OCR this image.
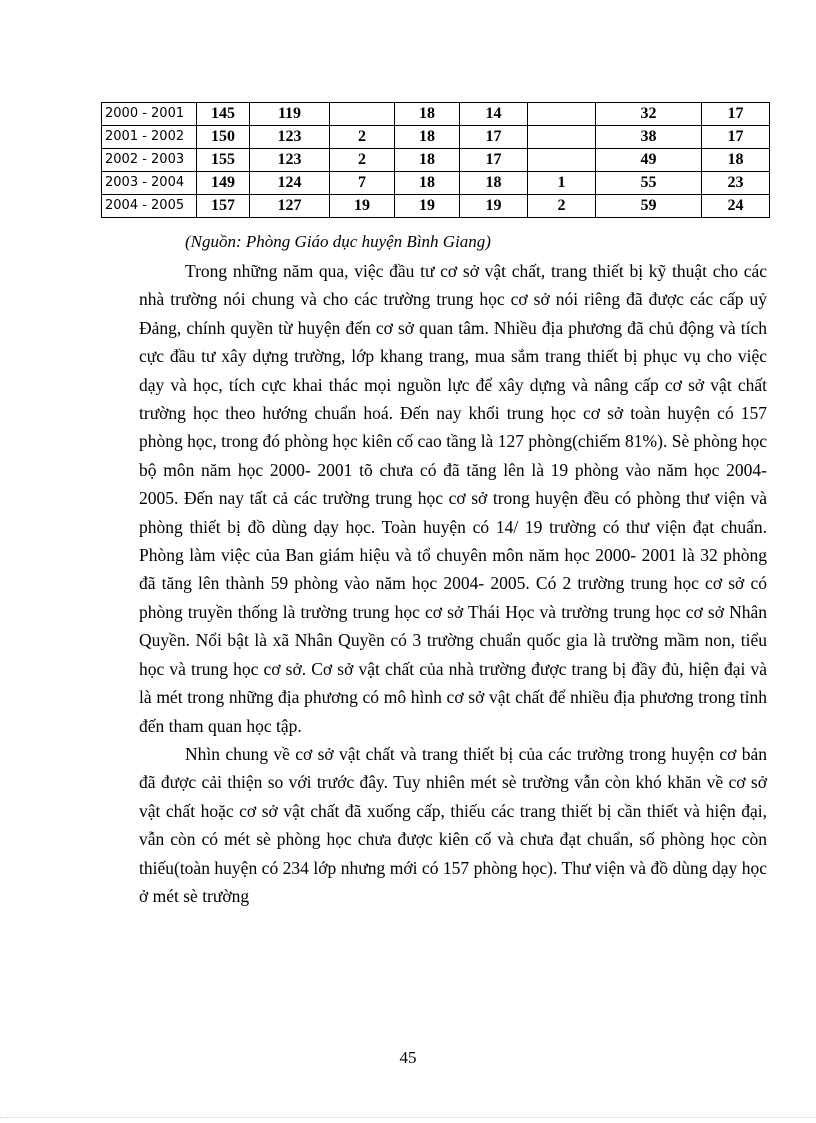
2000 - 2001	145	119		18	14		32	17
2001 - 2002	150	123	2	18	17		38	17
2002 - 2003	155	123	2	18	17		49	18
2003 - 2004	149	124	7	18	18	1	55	23
2004 - 2005	157	127	19	19	19	2	59	24
(Nguồn: Phòng Giáo dục huyện Bình Giang)

Trong những năm qua, việc đầu tư cơ sở vật chất, trang thiết bị kỹ thuật cho các nhà trường nói chung và cho các trường trung học cơ sở nói riêng đã được các cấp uỷ Đảng, chính quyền từ huyện đến cơ sở quan tâm. Nhiều địa phương đã chủ động và tích cực đầu tư xây dựng trường, lớp khang trang, mua sắm trang thiết bị phục vụ cho việc dạy và học, tích cực khai thác mọi nguồn lực để xây dựng và nâng cấp cơ sở vật chất trường học theo hướng chuẩn hoá. Đến nay khối trung học cơ sở toàn huyện có 157 phòng học, trong đó phòng học kiên cố cao tầng là 127 phòng(chiếm 81%). Sè phòng học bộ môn năm học 2000- 2001 tõ chưa có đã tăng lên là 19 phòng vào năm học 2004- 2005. Đến nay tất cả các trường trung học cơ sở trong huyện đều có phòng thư viện và phòng thiết bị đồ dùng dạy học. Toàn huyện có 14/ 19 trường có thư viện đạt chuẩn. Phòng làm việc của Ban giám hiệu và tổ chuyên môn năm học 2000- 2001 là 32 phòng đã tăng lên thành 59 phòng vào năm học 2004- 2005. Có 2 trường trung học cơ sở có phòng truyền thống là trường trung học cơ sở Thái Học và trường trung học cơ sở Nhân Quyền. Nổi bật là xã Nhân Quyền có 3 trường chuẩn quốc gia là trường mầm non, tiểu học và trung học cơ sở. Cơ sở vật chất của nhà trường được trang bị đầy đủ, hiện đại và là mét trong những địa phương có mô hình cơ sở vật chất để nhiều địa phương trong tỉnh đến tham quan học tập.

Nhìn chung về cơ sở vật chất và trang thiết bị của các trường trong huyện cơ bản đã được cải thiện so với trước đây. Tuy nhiên mét sè trường vẫn còn khó khăn về cơ sở vật chất hoặc cơ sở vật chất đã xuống cấp, thiếu các trang thiết bị cần thiết và hiện đại, vẫn còn có mét sè phòng học chưa được kiên cố và chưa đạt chuẩn, số phòng học còn thiếu(toàn huyện có 234 lớp nhưng mới có 157 phòng học). Thư viện và đồ dùng dạy học ở mét sè trường

45
